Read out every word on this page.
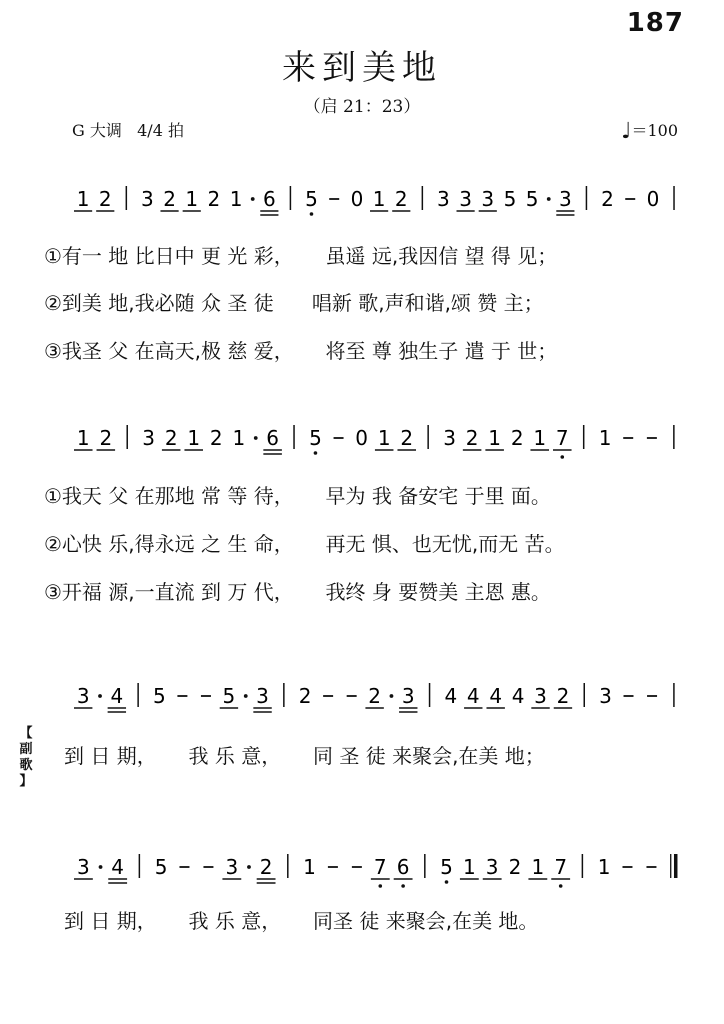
187
来到美地
（启 21：23）
G 大调   4/4 拍	♩＝100
1 2 3 2 1 2 1 6 5 0 1 2 3 3 3 5 5 3 2 0
①有一 地 比日中 更 光 彩，     虽遥 远,我因信 望 得 见；
②到美 地,我必随 众 圣 徒      唱新 歌,声和谐,颂 赞 主；
③我圣 父 在高天,极 慈 爱，     将至 尊 独生子 遣 于 世；
1 2 3 2 1 2 1 6 5 0 1 2 3 2 1 2 1 7 1
①我天 父 在那地 常 等 待，     早为 我 备安宅 于里 面。
②心快 乐,得永远 之 生 命，     再无 惧、也无忧,而无 苦。
③开福 源,一直流 到 万 代，     我终 身 要赞美 主恩 惠。
3 4 5	5 3 2	2 3 4 4 4 4 3 2 3
【
副
歌
】
到 日 期，     我 乐 意，     同 圣 徒 来聚会,在美 地；
3 4 5	3 2 1	7 6 5 1 3 2 1 7 1
到 日 期，     我 乐 意，     同圣 徒 来聚会,在美 地。
